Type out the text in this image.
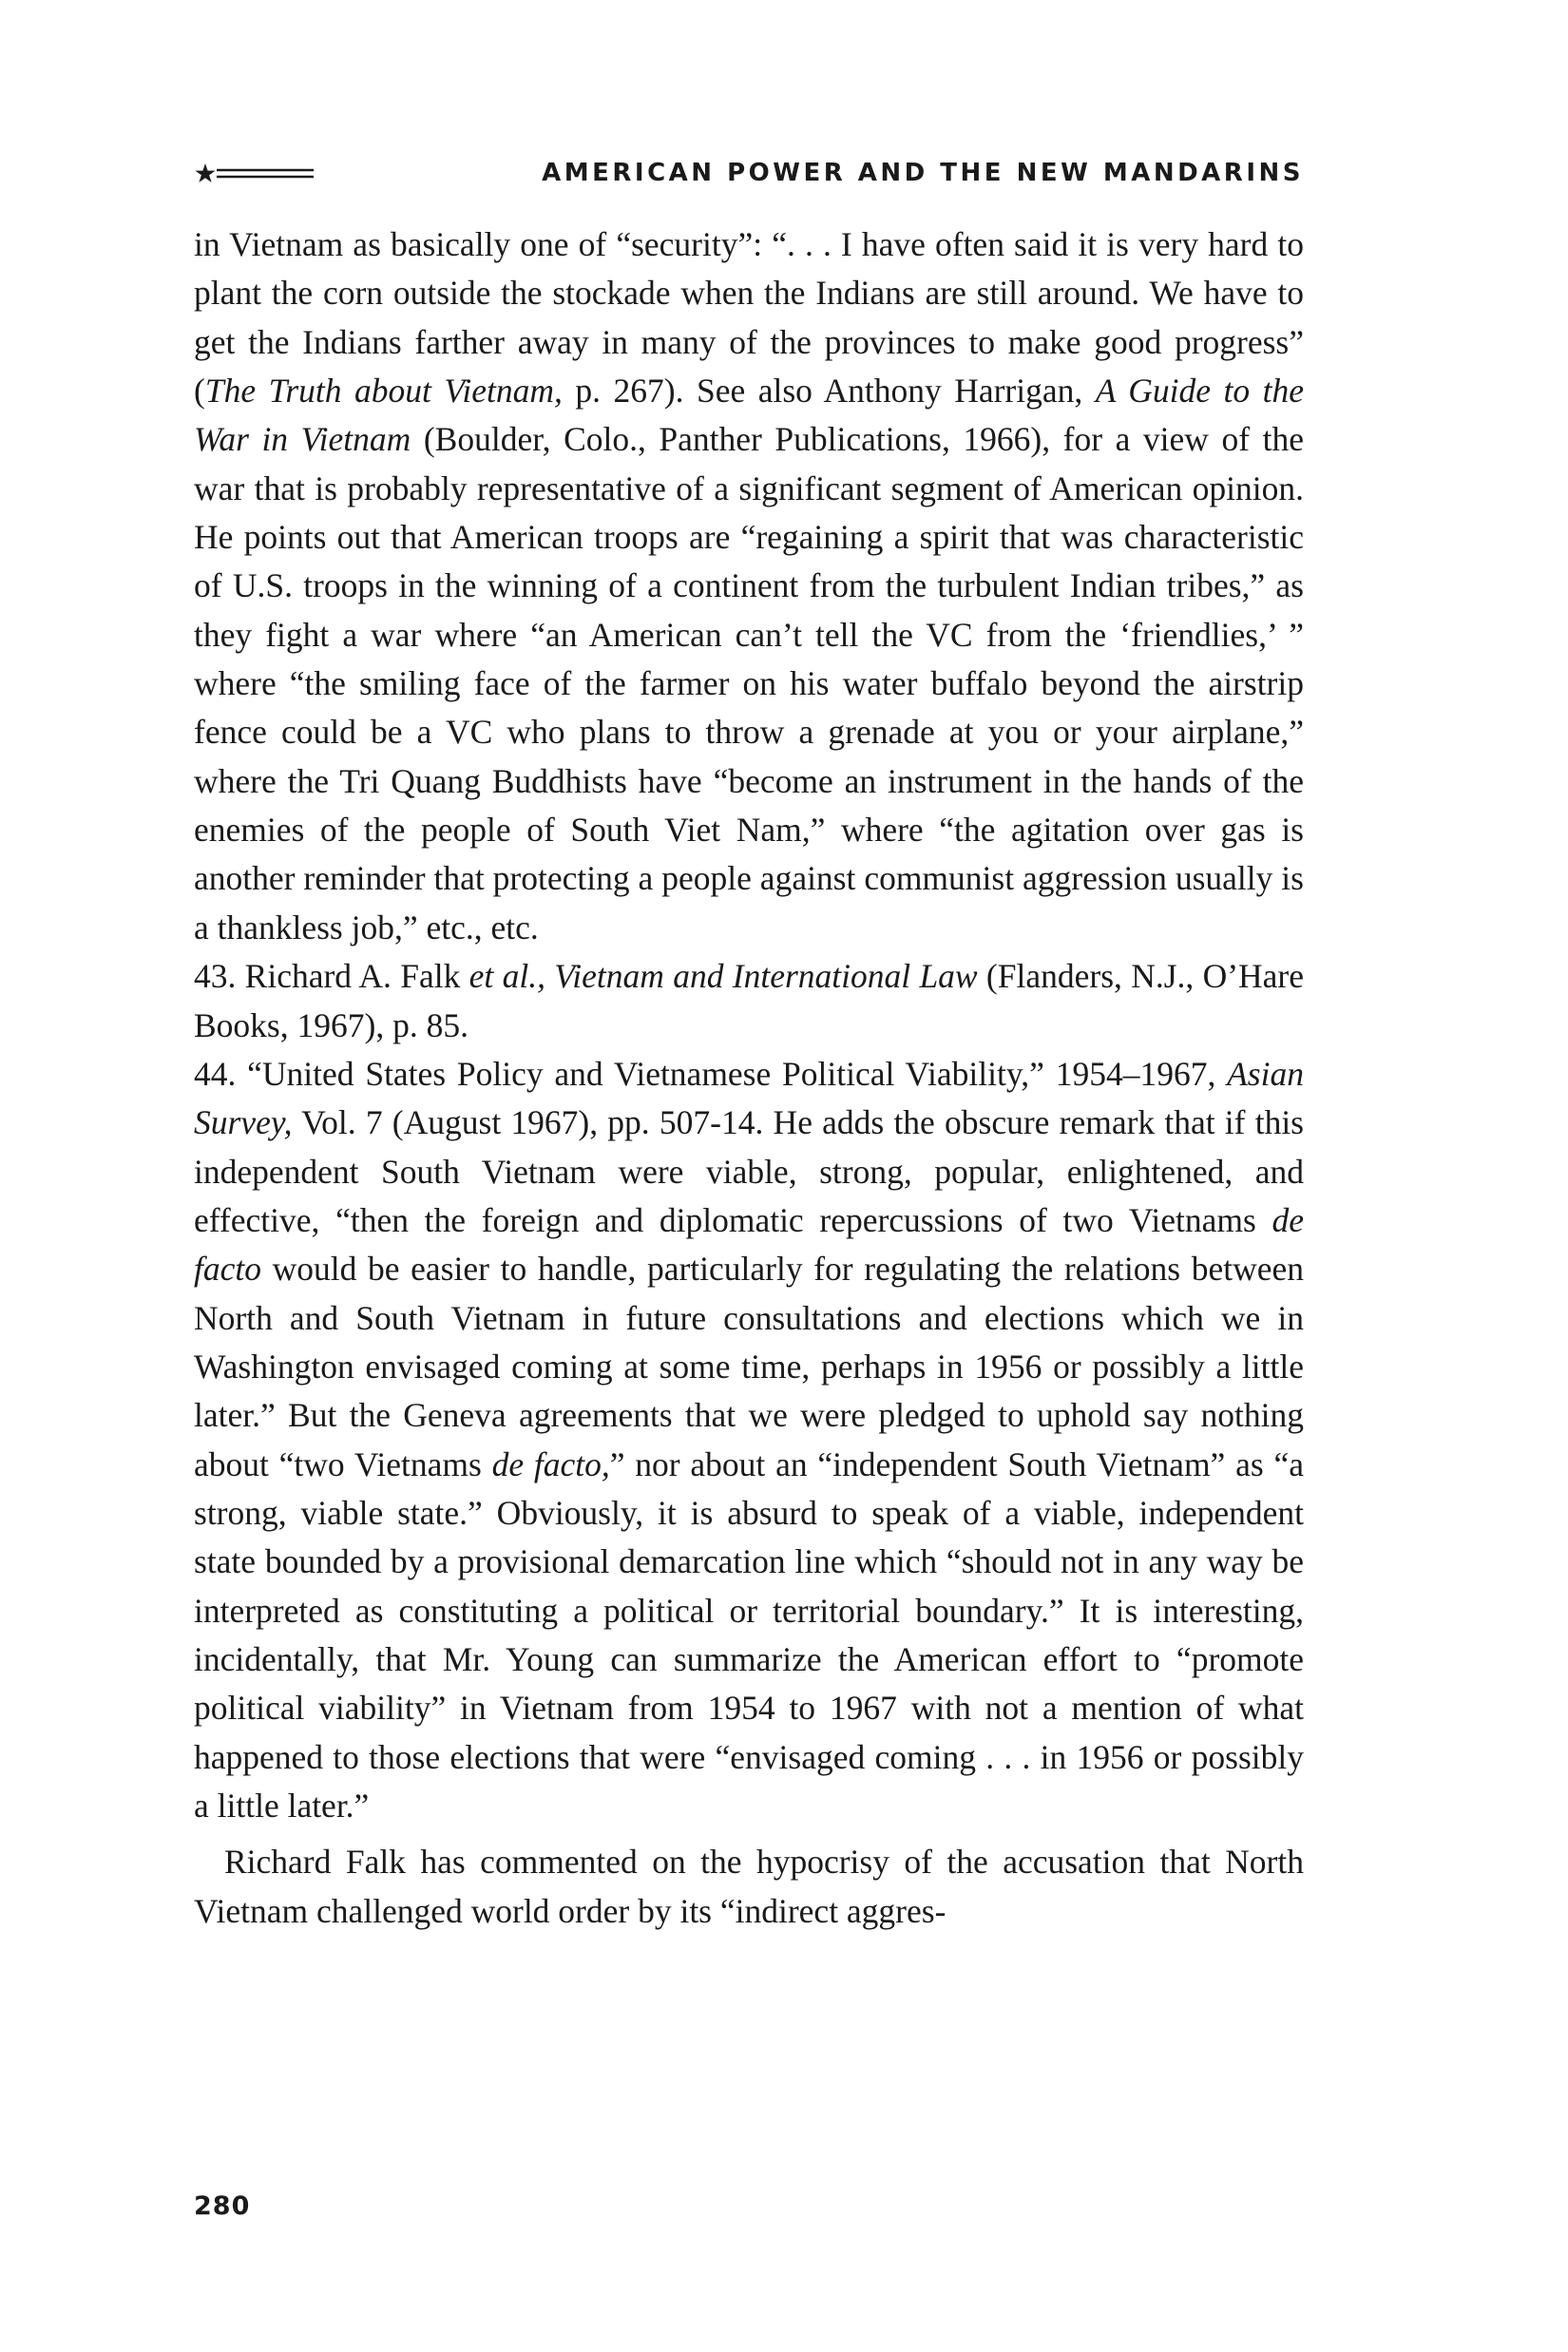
AMERICAN POWER AND THE NEW MANDARINS

in Vietnam as basically one of “security”: “. . . I have often said it is very hard to plant the corn outside the stockade when the Indians are still around. We have to get the Indians farther away in many of the provinces to make good progress” (The Truth about Vietnam, p. 267). See also Anthony Harrigan, A Guide to the War in Vietnam (Boulder, Colo., Panther Publications, 1966), for a view of the war that is probably representative of a significant segment of American opinion. He points out that American troops are “regaining a spirit that was characteristic of U.S. troops in the winning of a continent from the turbulent Indian tribes,” as they fight a war where “an American can’t tell the VC from the ‘friendlies,’ ” where “the smiling face of the farmer on his water buffalo beyond the airstrip fence could be a VC who plans to throw a grenade at you or your airplane,” where the Tri Quang Buddhists have “become an instrument in the hands of the enemies of the people of South Viet Nam,” where “the agitation over gas is another reminder that protecting a people against communist aggression usually is a thankless job,” etc., etc.

43. Richard A. Falk et al., Vietnam and International Law (Flanders, N.J., O’Hare Books, 1967), p. 85.

44. “United States Policy and Vietnamese Political Viability,” 1954–1967, Asian Survey, Vol. 7 (August 1967), pp. 507-14. He adds the obscure remark that if this independent South Vietnam were viable, strong, popular, enlightened, and effective, “then the foreign and diplomatic repercussions of two Vietnams de facto would be easier to handle, particularly for regulating the relations between North and South Vietnam in future consultations and elections which we in Washington envisaged coming at some time, perhaps in 1956 or possibly a little later.” But the Geneva agreements that we were pledged to uphold say nothing about “two Vietnams de facto,” nor about an “independent South Vietnam” as “a strong, viable state.” Obviously, it is absurd to speak of a viable, independent state bounded by a provisional demarcation line which “should not in any way be interpreted as constituting a political or territorial boundary.” It is interesting, incidentally, that Mr. Young can summarize the American effort to “promote political viability” in Vietnam from 1954 to 1967 with not a mention of what happened to those elections that were “envisaged coming . . . in 1956 or possibly a little later.”

Richard Falk has commented on the hypocrisy of the accusation that North Vietnam challenged world order by its “indirect aggres-

280
